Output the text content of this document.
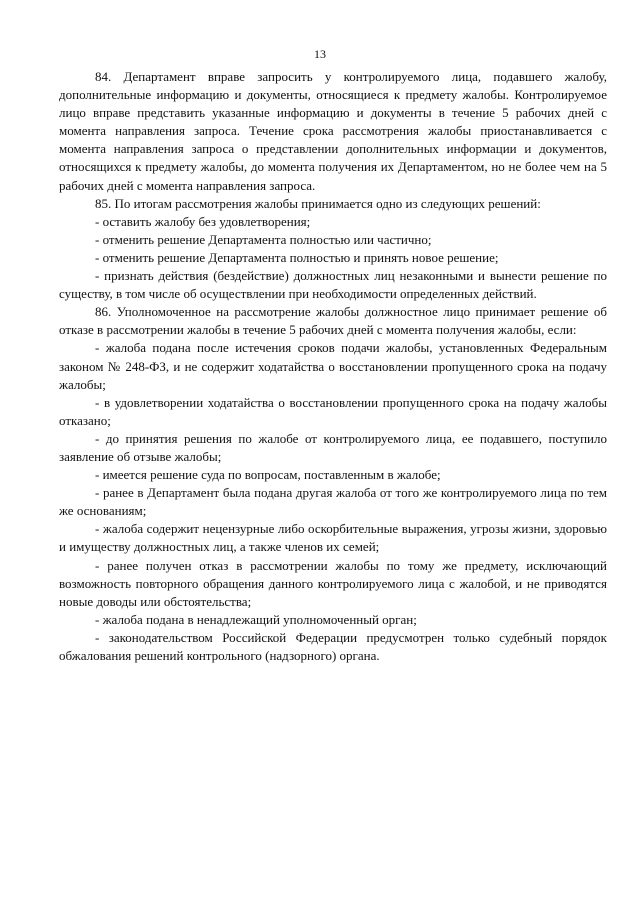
13

84. Департамент вправе запросить у контролируемого лица, подавшего жалобу, дополнительные информацию и документы, относящиеся к предмету жалобы. Контролируемое лицо вправе представить указанные информацию и документы в течение 5 рабочих дней с момента направления запроса. Течение срока рассмотрения жалобы приостанавливается с момента направления запроса о представлении дополнительных информации и документов, относящихся к предмету жалобы, до момента получения их Департаментом, но не более чем на 5 рабочих дней с момента направления запроса.

85. По итогам рассмотрения жалобы принимается одно из следующих решений:

- оставить жалобу без удовлетворения;

- отменить решение Департамента полностью или частично;

- отменить решение Департамента полностью и принять новое решение;

- признать действия (бездействие) должностных лиц незаконными и вынести решение по существу, в том числе об осуществлении при необходимости определенных действий.

86. Уполномоченное на рассмотрение жалобы должностное лицо принимает решение об отказе в рассмотрении жалобы в течение 5 рабочих дней с момента получения жалобы, если:

- жалоба подана после истечения сроков подачи жалобы, установленных Федеральным законом № 248-ФЗ, и не содержит ходатайства о восстановлении пропущенного срока на подачу жалобы;

- в удовлетворении ходатайства о восстановлении пропущенного срока на подачу жалобы отказано;

- до принятия решения по жалобе от контролируемого лица, ее подавшего, поступило заявление об отзыве жалобы;

- имеется решение суда по вопросам, поставленным в жалобе;

- ранее в Департамент была подана другая жалоба от того же контролируемого лица по тем же основаниям;

- жалоба содержит нецензурные либо оскорбительные выражения, угрозы жизни, здоровью и имуществу должностных лиц, а также членов их семей;

- ранее получен отказ в рассмотрении жалобы по тому же предмету, исключающий возможность повторного обращения данного контролируемого лица с жалобой, и не приводятся новые доводы или обстоятельства;

- жалоба подана в ненадлежащий уполномоченный орган;

- законодательством Российской Федерации предусмотрен только судебный порядок обжалования решений контрольного (надзорного) органа.
